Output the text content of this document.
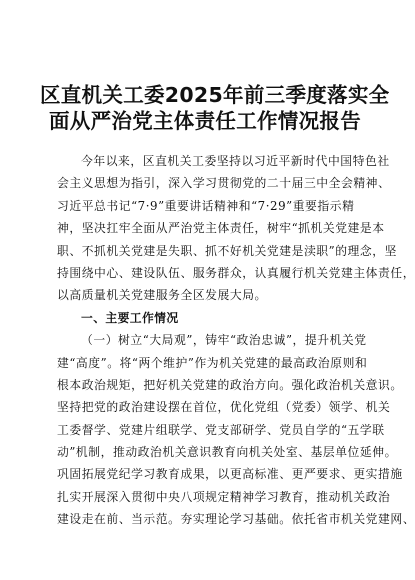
区直机关工委2025年前三季度落实全
面从严治党主体责任工作情况报告
今年以来，区直机关工委坚持以习近平新时代中国特色社
会主义思想为指引，深入学习贯彻党的二十届三中全会精神、
习近平总书记“7·9”重要讲话精神和“7·29”重要指示精
神，坚决扛牢全面从严治党主体责任，树牢“抓机关党建是本
职、不抓机关党建是失职、抓不好机关党建是渎职”的理念，坚
持围绕中心、建设队伍、服务群众，认真履行机关党建主体责任，
以高质量机关党建服务全区发展大局。
一、主要工作情况
（一）树立“大局观”，铸牢“政治忠诚”，提升机关党
建“高度”。将“两个维护”作为机关党建的最高政治原则和
根本政治规矩，把好机关党建的政治方向。强化政治机关意识。
坚持把党的政治建设摆在首位，优化党组（党委）领学、机关
工委督学、党建片组联学、党支部研学、党员自学的“五学联
动”机制，推动政治机关意识教育向机关处室、基层单位延伸。
巩固拓展党纪学习教育成果，以更高标准、更严要求、更实措施
扎实开展深入贯彻中央八项规定精神学习教育，推动机关政治
建设走在前、当示范。夯实理论学习基础。依托省市机关党建网、
